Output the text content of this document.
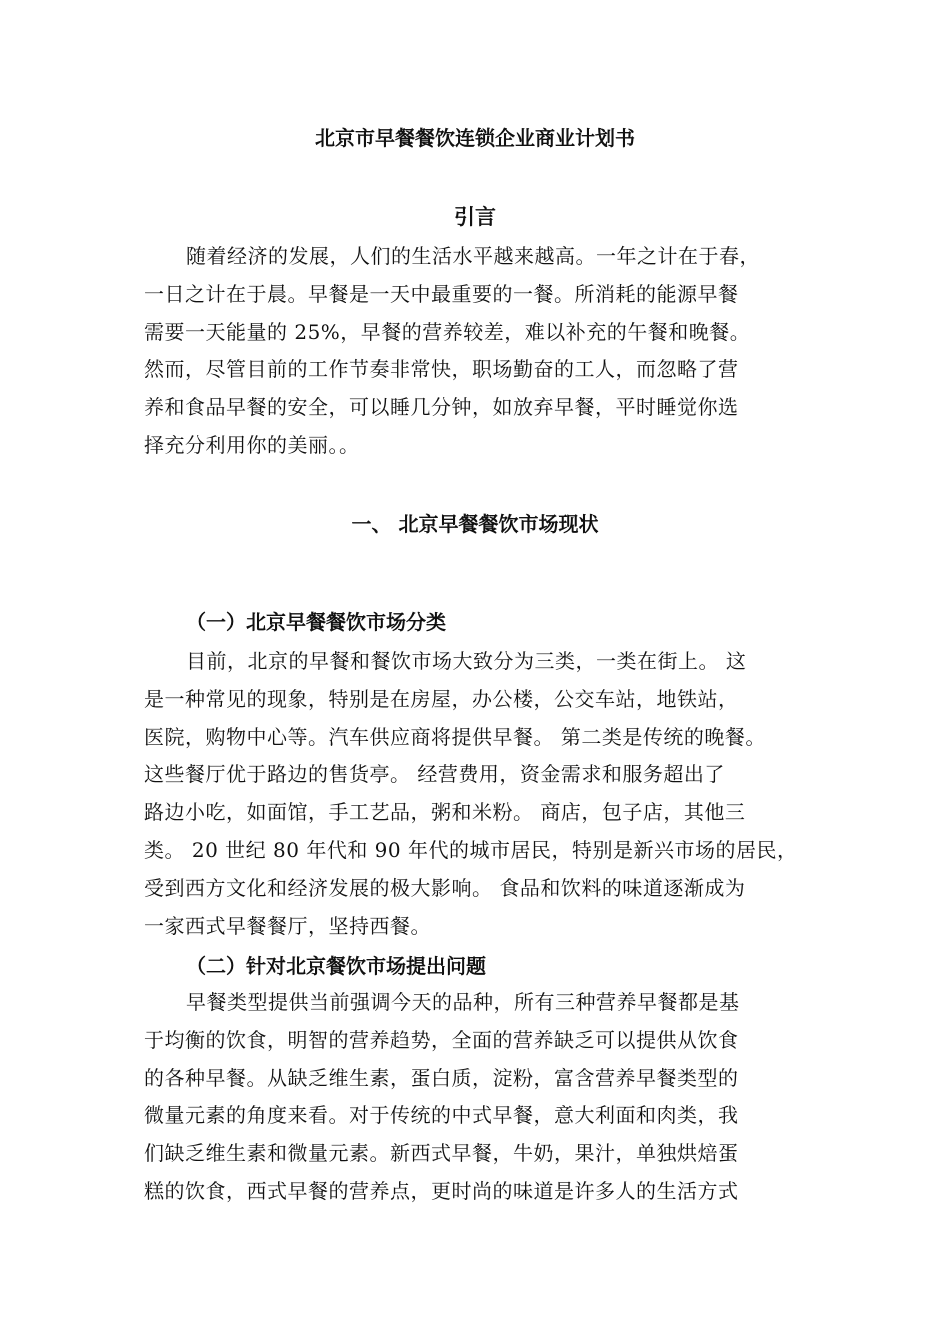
北京市早餐餐饮连锁企业商业计划书
引言
随着经济的发展，人们的生活水平越来越高。一年之计在于春，
一日之计在于晨。早餐是一天中最重要的一餐。所消耗的能源早餐
需要一天能量的 25%，早餐的营养较差，难以补充的午餐和晚餐。
然而，尽管目前的工作节奏非常快，职场勤奋的工人，而忽略了营
养和食品早餐的安全，可以睡几分钟，如放弃早餐，平时睡觉你选
择充分利用你的美丽。。
一、 北京早餐餐饮市场现状
（一）北京早餐餐饮市场分类
目前，北京的早餐和餐饮市场大致分为三类，一类在街上。 这
是一种常见的现象，特别是在房屋，办公楼，公交车站，地铁站，
医院，购物中心等。汽车供应商将提供早餐。 第二类是传统的晚餐。
这些餐厅优于路边的售货亭。 经营费用，资金需求和服务超出了
路边小吃，如面馆，手工艺品，粥和米粉。 商店，包子店，其他三
类。 20 世纪 80 年代和 90 年代的城市居民，特别是新兴市场的居民，
受到西方文化和经济发展的极大影响。 食品和饮料的味道逐渐成为
一家西式早餐餐厅，坚持西餐。
（二）针对北京餐饮市场提出问题
早餐类型提供当前强调今天的品种，所有三种营养早餐都是基
于均衡的饮食，明智的营养趋势，全面的营养缺乏可以提供从饮食
的各种早餐。从缺乏维生素，蛋白质，淀粉，富含营养早餐类型的
微量元素的角度来看。对于传统的中式早餐，意大利面和肉类，我
们缺乏维生素和微量元素。新西式早餐，牛奶，果汁，单独烘焙蛋
糕的饮食，西式早餐的营养点，更时尚的味道是许多人的生活方式
